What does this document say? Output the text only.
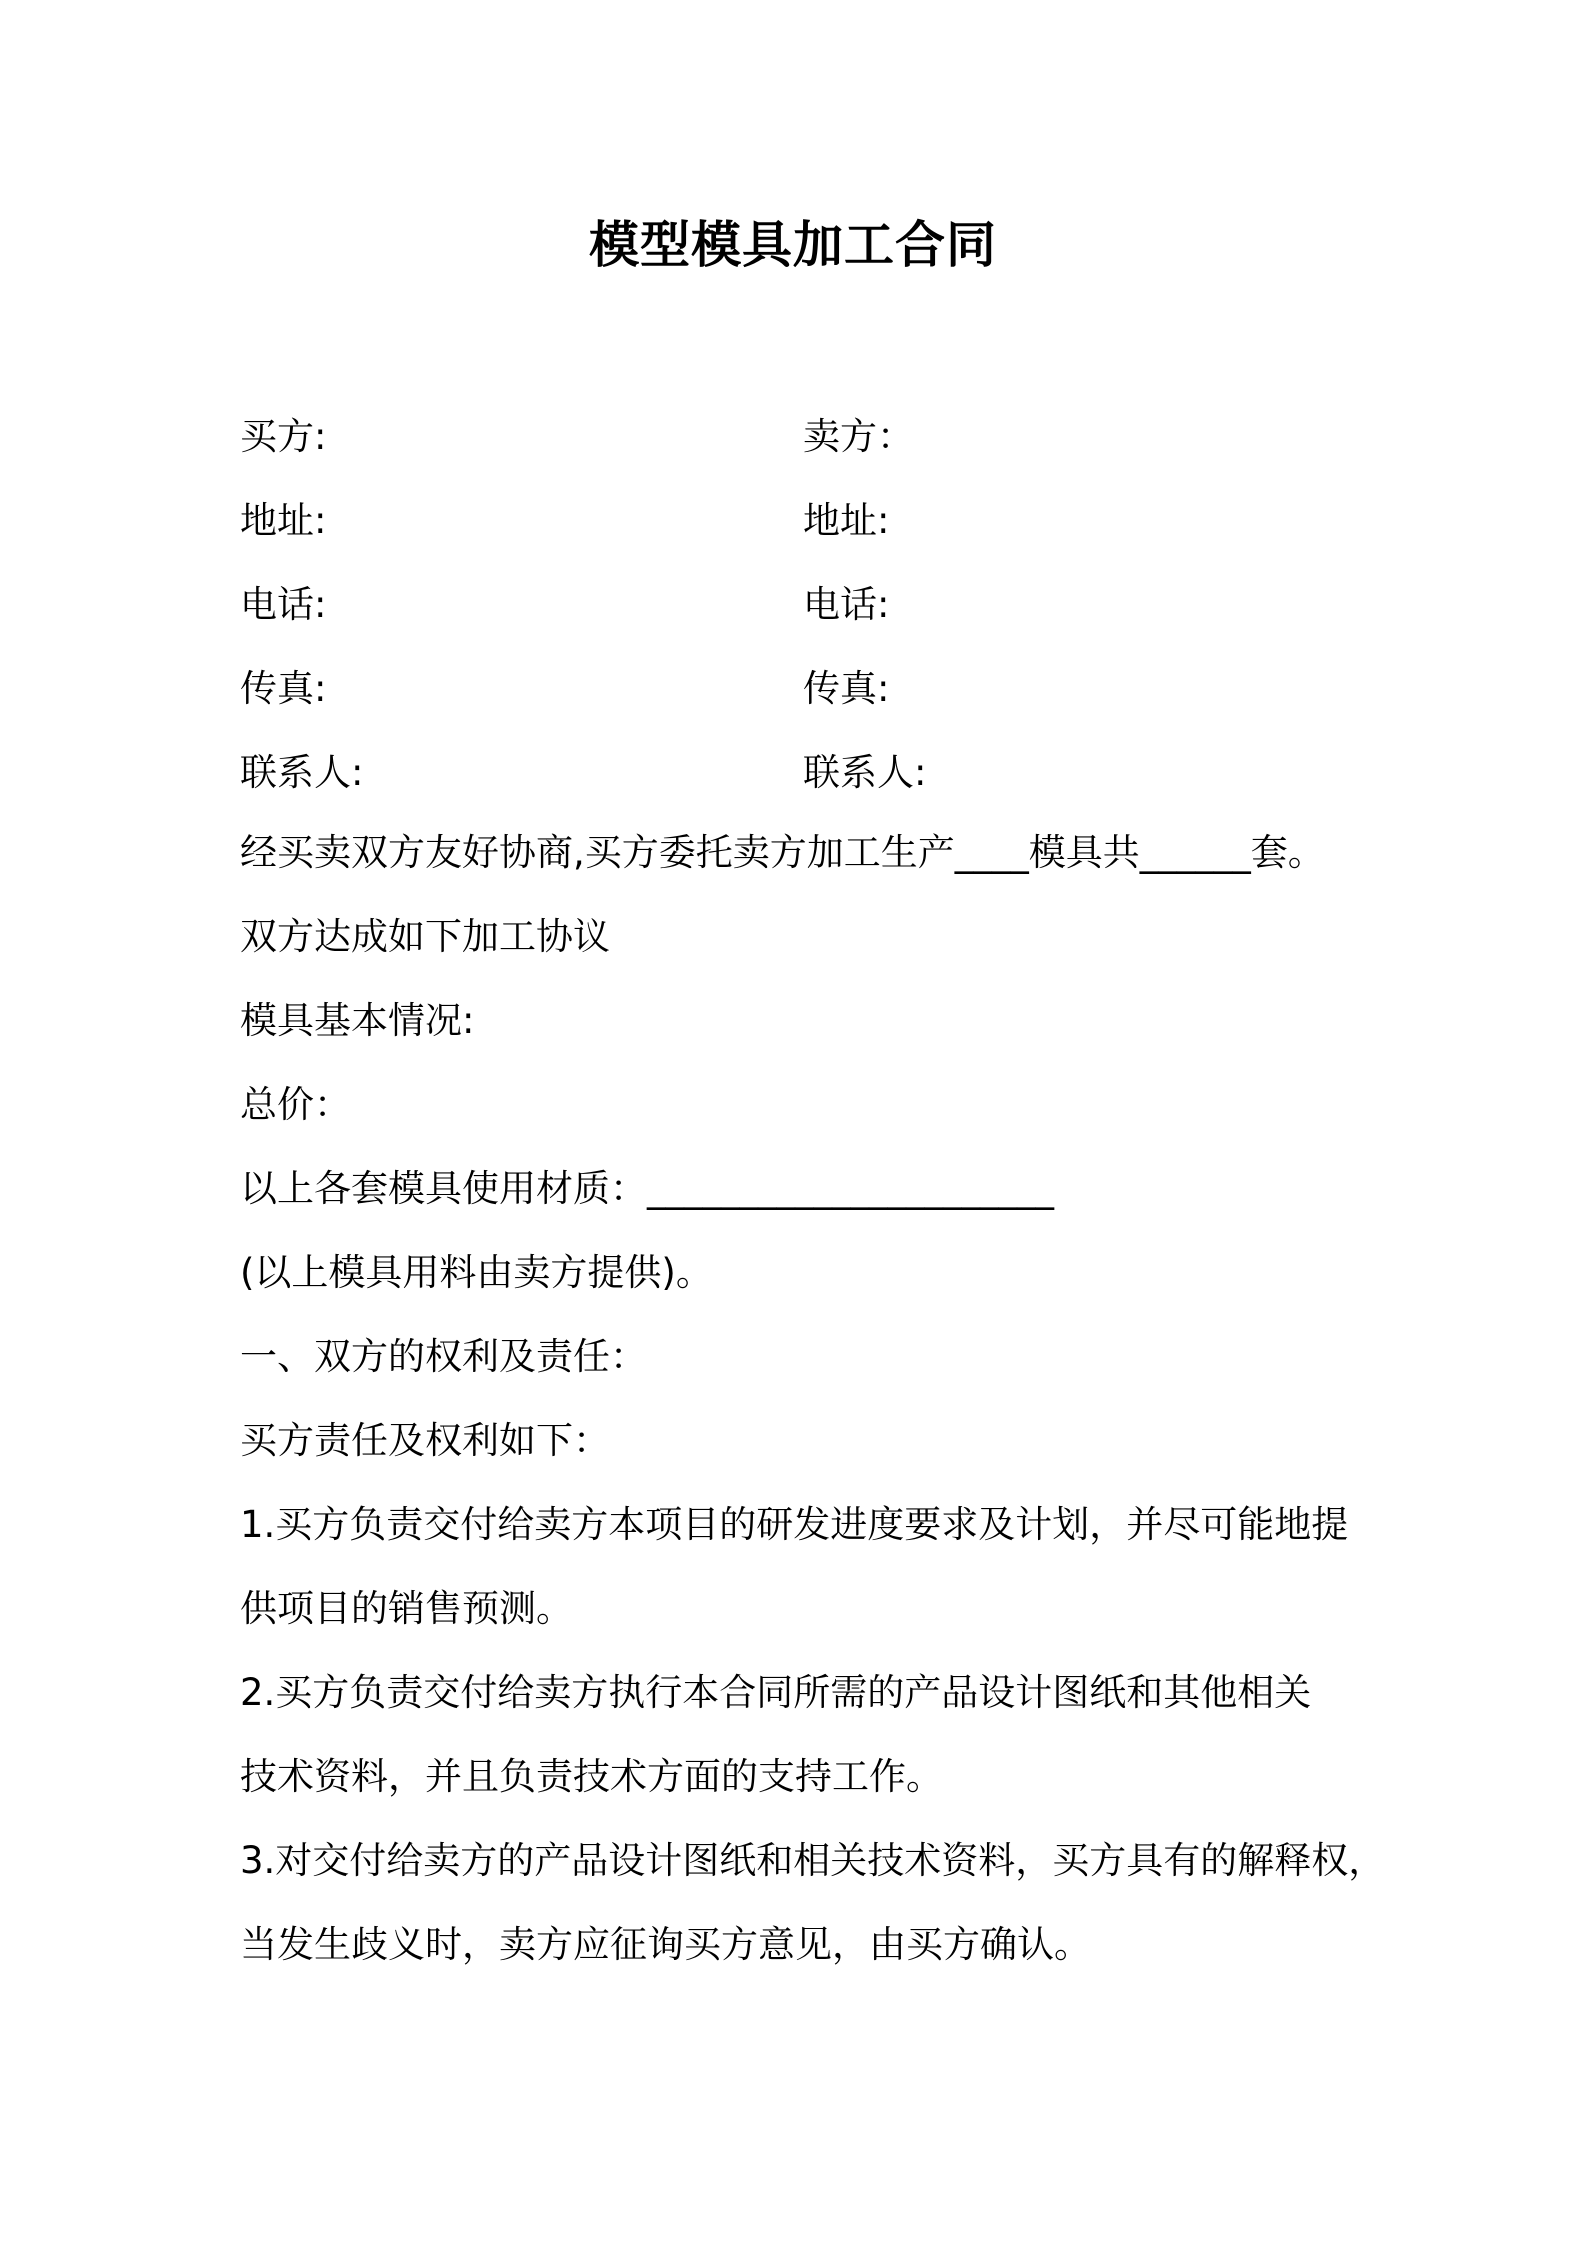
模型模具加工合同
买方:	卖方：
地址:	地址:
电话:	电话:
传真:	传真:
联系人:	联系人:

经买卖双方友好协商,买方委托卖方加工生产____模具共______套。

双方达成如下加工协议

模具基本情况:

总价：

以上各套模具使用材质：______________________

(以上模具用料由卖方提供)。

一、双方的权利及责任：

买方责任及权利如下：

1.买方负责交付给卖方本项目的研发进度要求及计划，并尽可能地提

供项目的销售预测。

2.买方负责交付给卖方执行本合同所需的产品设计图纸和其他相关

技术资料，并且负责技术方面的支持工作。

3.对交付给卖方的产品设计图纸和相关技术资料，买方具有的解释权，

当发生歧义时，卖方应征询买方意见，由买方确认。
